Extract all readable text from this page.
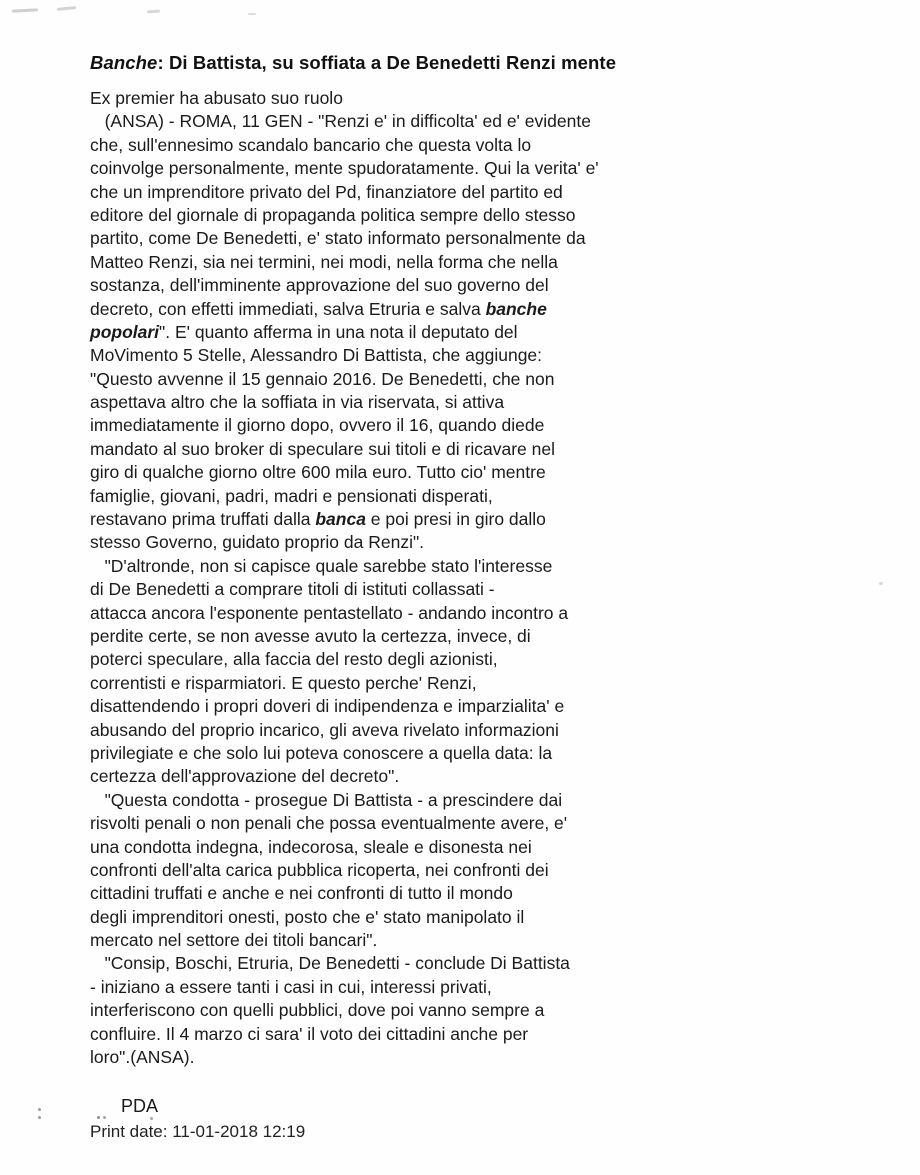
Banche: Di Battista, su soffiata a De Benedetti Renzi mente
Ex premier ha abusato suo ruolo
(ANSA) - ROMA, 11 GEN - "Renzi e' in difficolta' ed e' evidente
che, sull'ennesimo scandalo bancario che questa volta lo
coinvolge personalmente, mente spudoratamente. Qui la verita' e'
che un imprenditore privato del Pd, finanziatore del partito ed
editore del giornale di propaganda politica sempre dello stesso
partito, come De Benedetti, e' stato informato personalmente da
Matteo Renzi, sia nei termini, nei modi, nella forma che nella
sostanza, dell'imminente approvazione del suo governo del
decreto, con effetti immediati, salva Etruria e salva banche
popolari". E' quanto afferma in una nota il deputato del
MoVimento 5 Stelle, Alessandro Di Battista, che aggiunge:
"Questo avvenne il 15 gennaio 2016. De Benedetti, che non
aspettava altro che la soffiata in via riservata, si attiva
immediatamente il giorno dopo, ovvero il 16, quando diede
mandato al suo broker di speculare sui titoli e di ricavare nel
giro di qualche giorno oltre 600 mila euro. Tutto cio' mentre
famiglie, giovani, padri, madri e pensionati disperati,
restavano prima truffati dalla banca e poi presi in giro dallo
stesso Governo, guidato proprio da Renzi".
"D'altronde, non si capisce quale sarebbe stato l'interesse
di De Benedetti a comprare titoli di istituti collassati -
attacca ancora l'esponente pentastellato - andando incontro a
perdite certe, se non avesse avuto la certezza, invece, di
poterci speculare, alla faccia del resto degli azionisti,
correntisti e risparmiatori. E questo perche' Renzi,
disattendendo i propri doveri di indipendenza e imparzialita' e
abusando del proprio incarico, gli aveva rivelato informazioni
privilegiate e che solo lui poteva conoscere a quella data: la
certezza dell'approvazione del decreto".
"Questa condotta - prosegue Di Battista - a prescindere dai
risvolti penali o non penali che possa eventualmente avere, e'
una condotta indegna, indecorosa, sleale e disonesta nei
confronti dell'alta carica pubblica ricoperta, nei confronti dei
cittadini truffati e anche e nei confronti di tutto il mondo
degli imprenditori onesti, posto che e' stato manipolato il
mercato nel settore dei titoli bancari".
"Consip, Boschi, Etruria, De Benedetti - conclude Di Battista
- iniziano a essere tanti i casi in cui, interessi privati,
interferiscono con quelli pubblici, dove poi vanno sempre a
confluire. Il 4 marzo ci sara' il voto dei cittadini anche per
loro".(ANSA).
PDA
Print date: 11-01-2018 12:19
